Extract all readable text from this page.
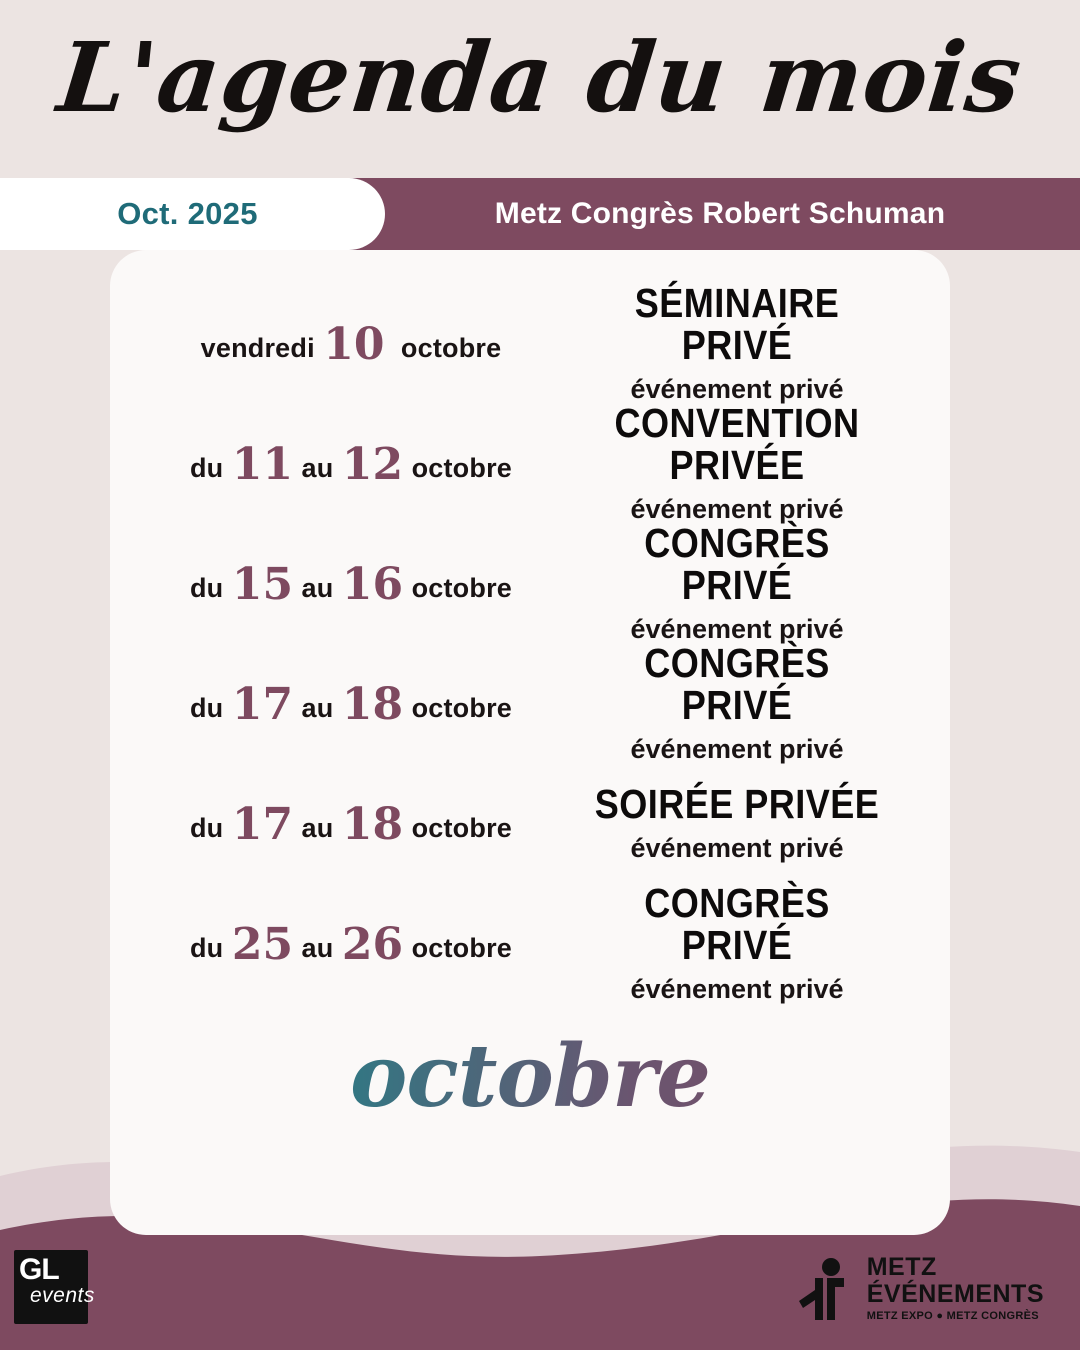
L'agenda du mois
Oct. 2025	Metz Congrès Robert Schuman
vendredi 10 octobre
SÉMINAIRE PRIVÉ
événement privé
du 11 au 12 octobre
CONVENTION PRIVÉE
événement privé
du 15 au 16 octobre
CONGRÈS PRIVÉ
événement privé
du 17 au 18 octobre
CONGRÈS PRIVÉ
événement privé
du 17 au 18 octobre
SOIRÉE PRIVÉE
événement privé
du 25 au 26 octobre
CONGRÈS PRIVÉ
événement privé
octobre
GL
events
METZ
ÉVÉNEMENTS
METZ EXPO ● METZ CONGRÈS
